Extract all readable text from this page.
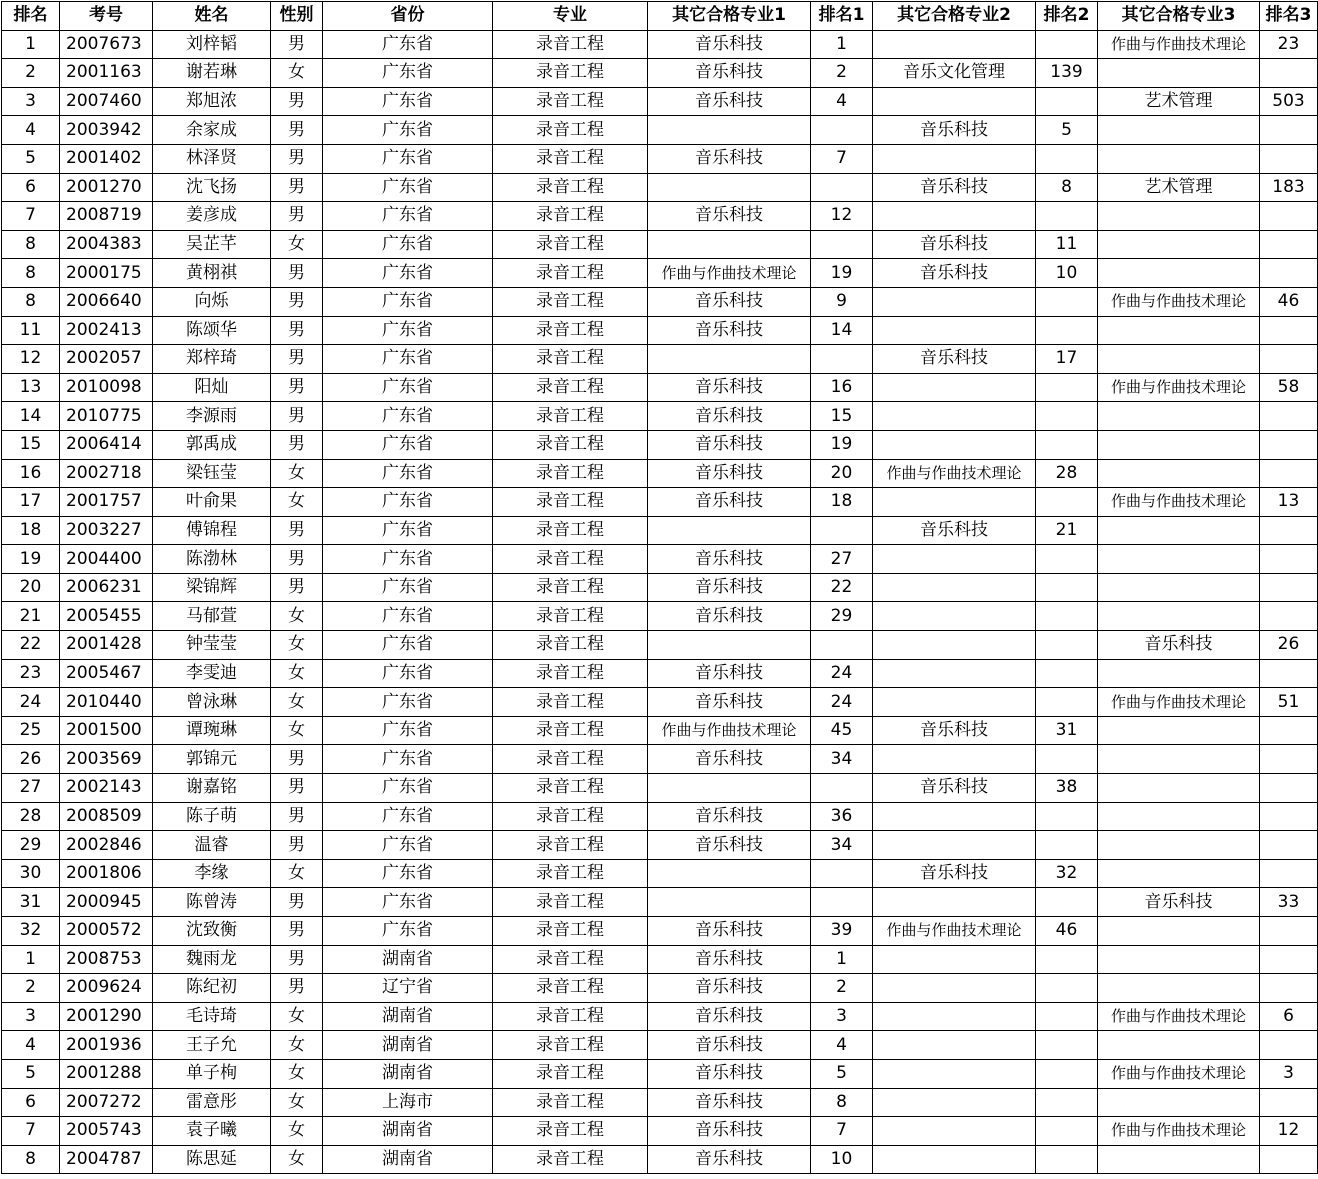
排名	考号	姓名	性别	省份	专业	其它合格专业1	排名1	其它合格专业2	排名2	其它合格专业3	排名3
1	2007673	刘梓韬	男	广东省	录音工程	音乐科技	1			作曲与作曲技术理论	23
2	2001163	谢若琳	女	广东省	录音工程	音乐科技	2	音乐文化管理	139		
3	2007460	郑旭浓	男	广东省	录音工程	音乐科技	4			艺术管理	503
4	2003942	余家成	男	广东省	录音工程			音乐科技	5		
5	2001402	林泽贤	男	广东省	录音工程	音乐科技	7				
6	2001270	沈飞扬	男	广东省	录音工程			音乐科技	8	艺术管理	183
7	2008719	姜彦成	男	广东省	录音工程	音乐科技	12				
8	2004383	吴芷芊	女	广东省	录音工程			音乐科技	11		
8	2000175	黄栩祺	男	广东省	录音工程	作曲与作曲技术理论	19	音乐科技	10		
8	2006640	向烁	男	广东省	录音工程	音乐科技	9			作曲与作曲技术理论	46
11	2002413	陈颂华	男	广东省	录音工程	音乐科技	14				
12	2002057	郑梓琦	男	广东省	录音工程			音乐科技	17		
13	2010098	阳灿	男	广东省	录音工程	音乐科技	16			作曲与作曲技术理论	58
14	2010775	李源雨	男	广东省	录音工程	音乐科技	15				
15	2006414	郭禹成	男	广东省	录音工程	音乐科技	19				
16	2002718	梁钰莹	女	广东省	录音工程	音乐科技	20	作曲与作曲技术理论	28		
17	2001757	叶俞果	女	广东省	录音工程	音乐科技	18			作曲与作曲技术理论	13
18	2003227	傅锦程	男	广东省	录音工程			音乐科技	21		
19	2004400	陈渤林	男	广东省	录音工程	音乐科技	27				
20	2006231	梁锦辉	男	广东省	录音工程	音乐科技	22				
21	2005455	马郁萱	女	广东省	录音工程	音乐科技	29				
22	2001428	钟莹莹	女	广东省	录音工程					音乐科技	26
23	2005467	李雯迪	女	广东省	录音工程	音乐科技	24				
24	2010440	曾泳琳	女	广东省	录音工程	音乐科技	24			作曲与作曲技术理论	51
25	2001500	谭琬琳	女	广东省	录音工程	作曲与作曲技术理论	45	音乐科技	31		
26	2003569	郭锦元	男	广东省	录音工程	音乐科技	34				
27	2002143	谢嘉铭	男	广东省	录音工程			音乐科技	38		
28	2008509	陈子萌	男	广东省	录音工程	音乐科技	36				
29	2002846	温睿	男	广东省	录音工程	音乐科技	34				
30	2001806	李缘	女	广东省	录音工程			音乐科技	32		
31	2000945	陈曾涛	男	广东省	录音工程					音乐科技	33
32	2000572	沈致衡	男	广东省	录音工程	音乐科技	39	作曲与作曲技术理论	46		
1	2008753	魏雨龙	男	湖南省	录音工程	音乐科技	1				
2	2009624	陈纪初	男	辽宁省	录音工程	音乐科技	2				
3	2001290	毛诗琦	女	湖南省	录音工程	音乐科技	3			作曲与作曲技术理论	6
4	2001936	王子允	女	湖南省	录音工程	音乐科技	4				
5	2001288	单子栒	女	湖南省	录音工程	音乐科技	5			作曲与作曲技术理论	3
6	2007272	雷意彤	女	上海市	录音工程	音乐科技	8				
7	2005743	袁子曦	女	湖南省	录音工程	音乐科技	7			作曲与作曲技术理论	12
8	2004787	陈思延	女	湖南省	录音工程	音乐科技	10				
